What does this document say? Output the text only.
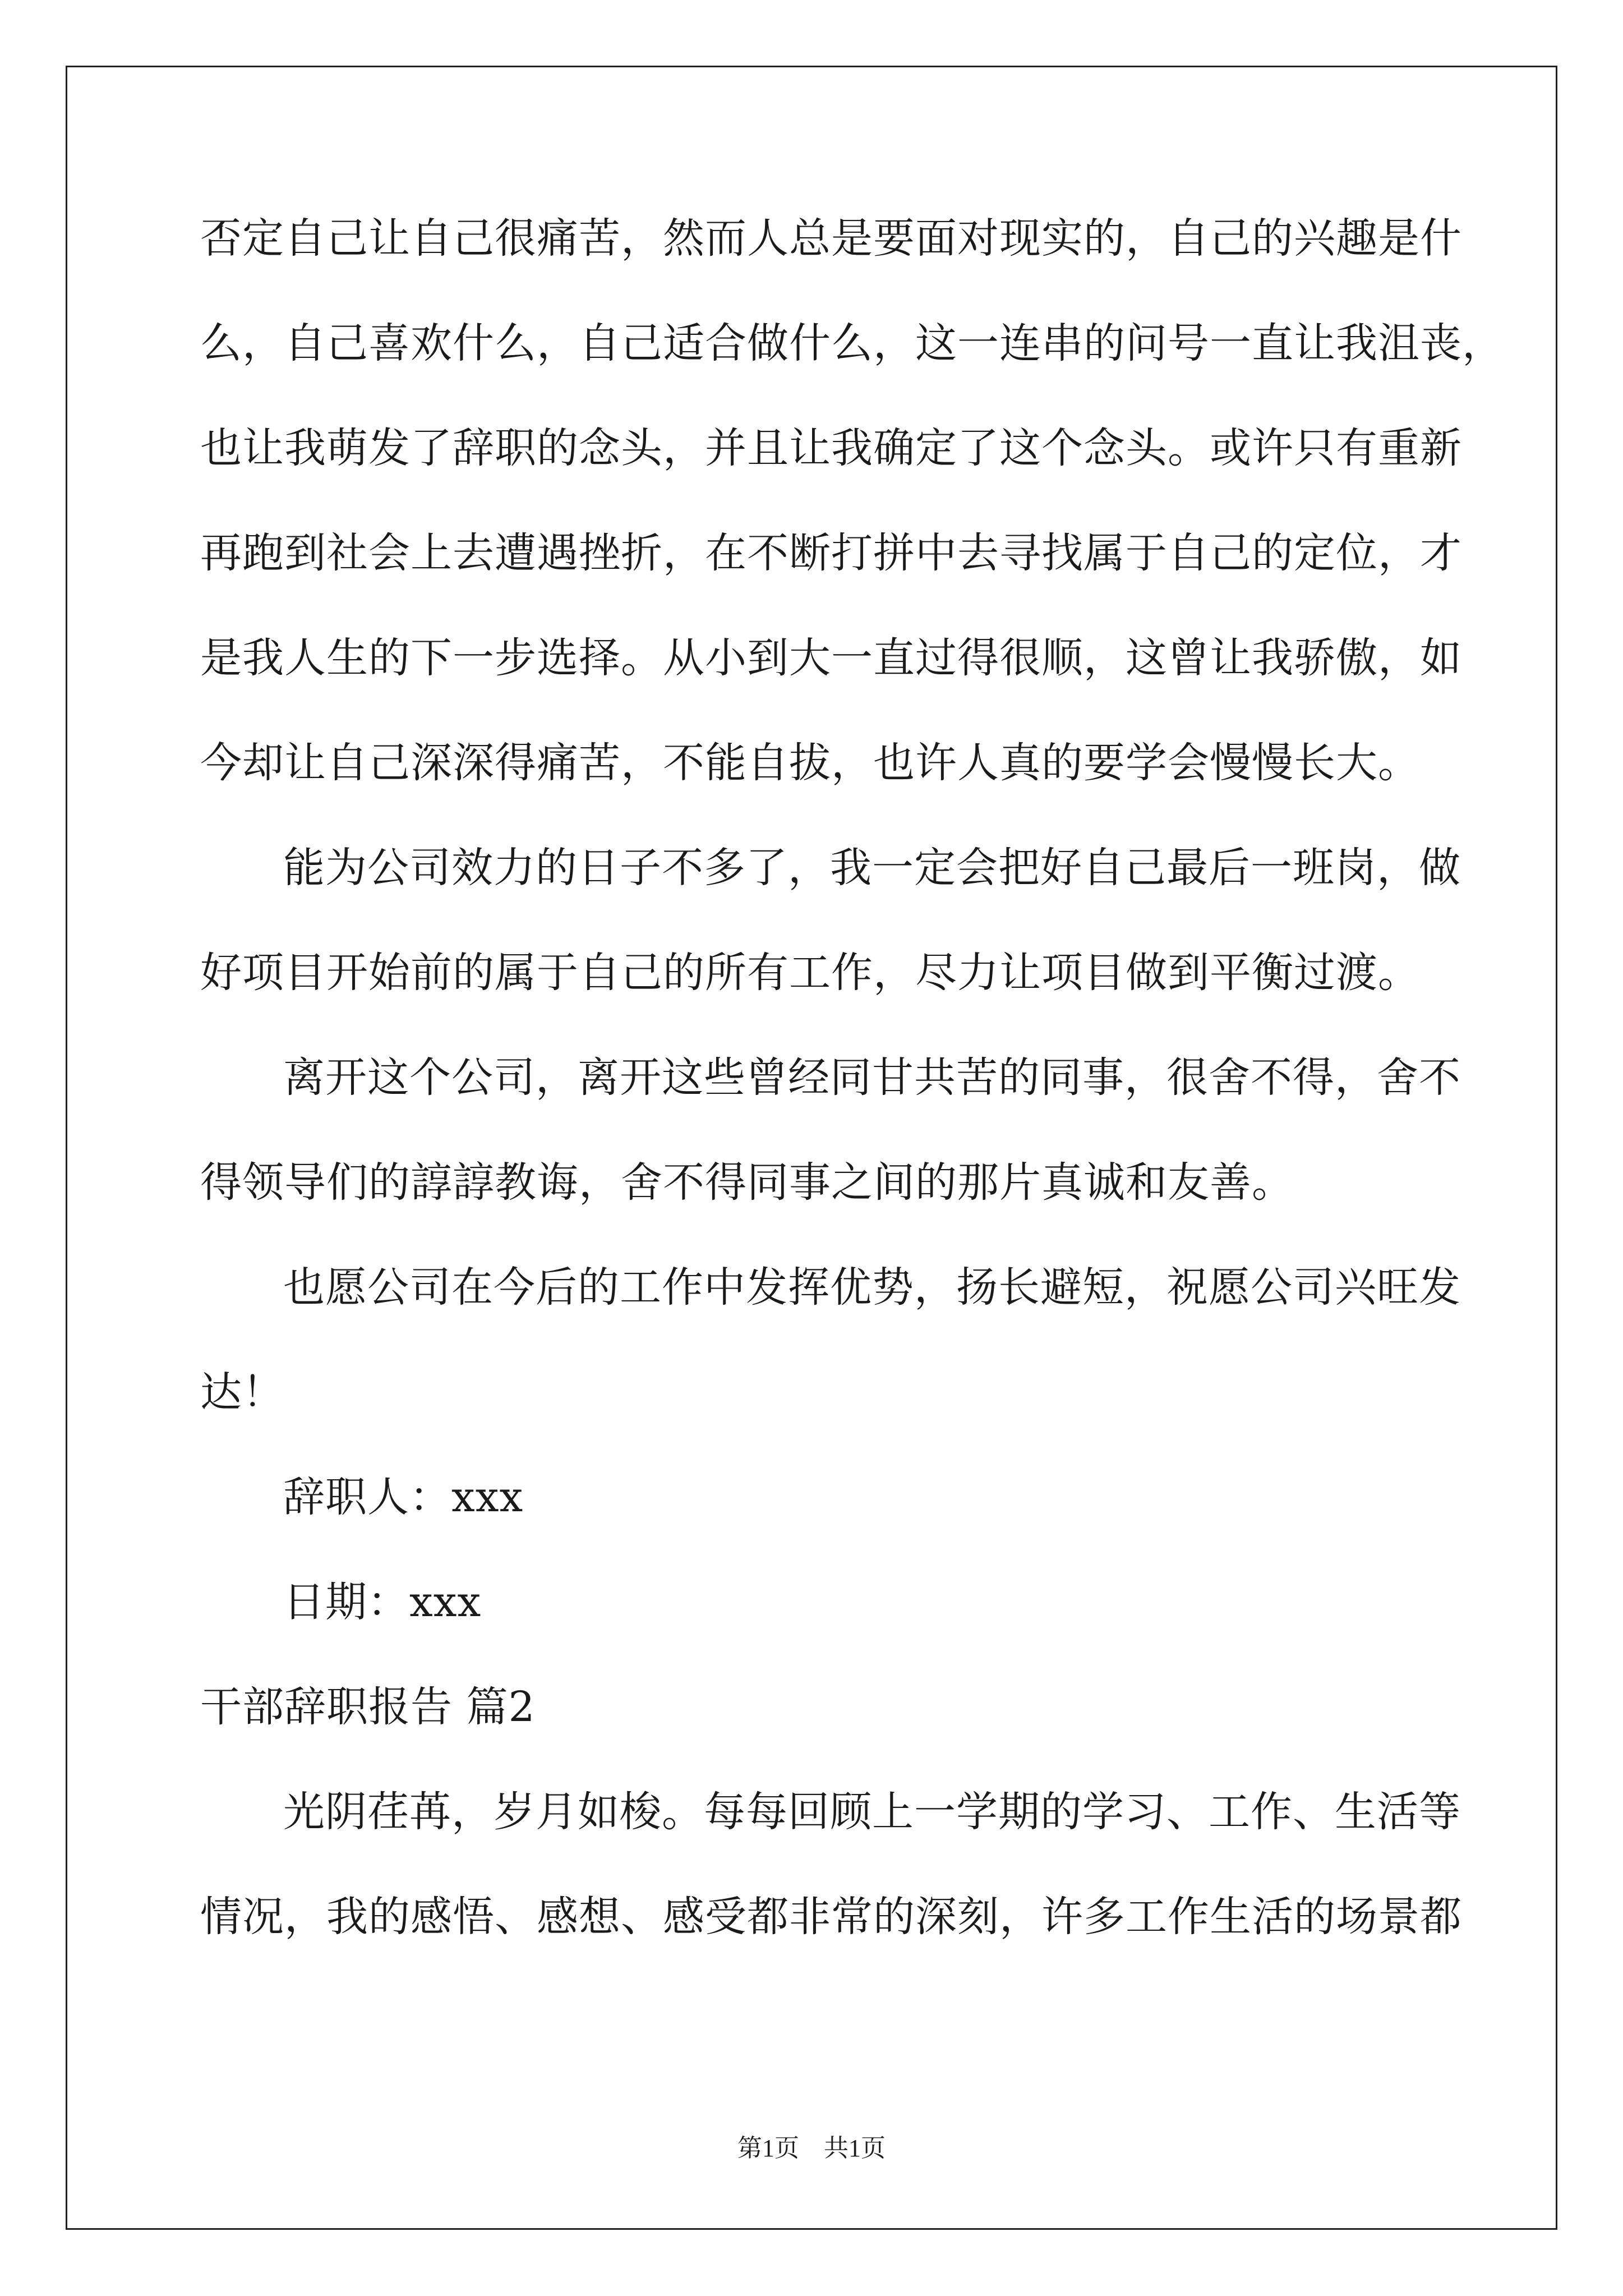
否定自己让自己很痛苦，然而人总是要面对现实的，自己的兴趣是什
么，自己喜欢什么，自己适合做什么，这一连串的问号一直让我沮丧，
也让我萌发了辞职的念头，并且让我确定了这个念头。或许只有重新
再跑到社会上去遭遇挫折，在不断打拼中去寻找属于自己的定位，才
是我人生的下一步选择。从小到大一直过得很顺，这曾让我骄傲，如
今却让自己深深得痛苦，不能自拔，也许人真的要学会慢慢长大。
能为公司效力的日子不多了，我一定会把好自己最后一班岗，做
好项目开始前的属于自己的所有工作，尽力让项目做到平衡过渡。
离开这个公司，离开这些曾经同甘共苦的同事，很舍不得，舍不
得领导们的諄諄教诲，舍不得同事之间的那片真诚和友善。
也愿公司在今后的工作中发挥优势，扬长避短，祝愿公司兴旺发
达！
辞职人：xxx
日期：xxx
干部辞职报告 篇2
光阴荏苒，岁月如梭。每每回顾上一学期的学习、工作、生活等
情况，我的感悟、感想、感受都非常的深刻，许多工作生活的场景都
第1页　共1页
